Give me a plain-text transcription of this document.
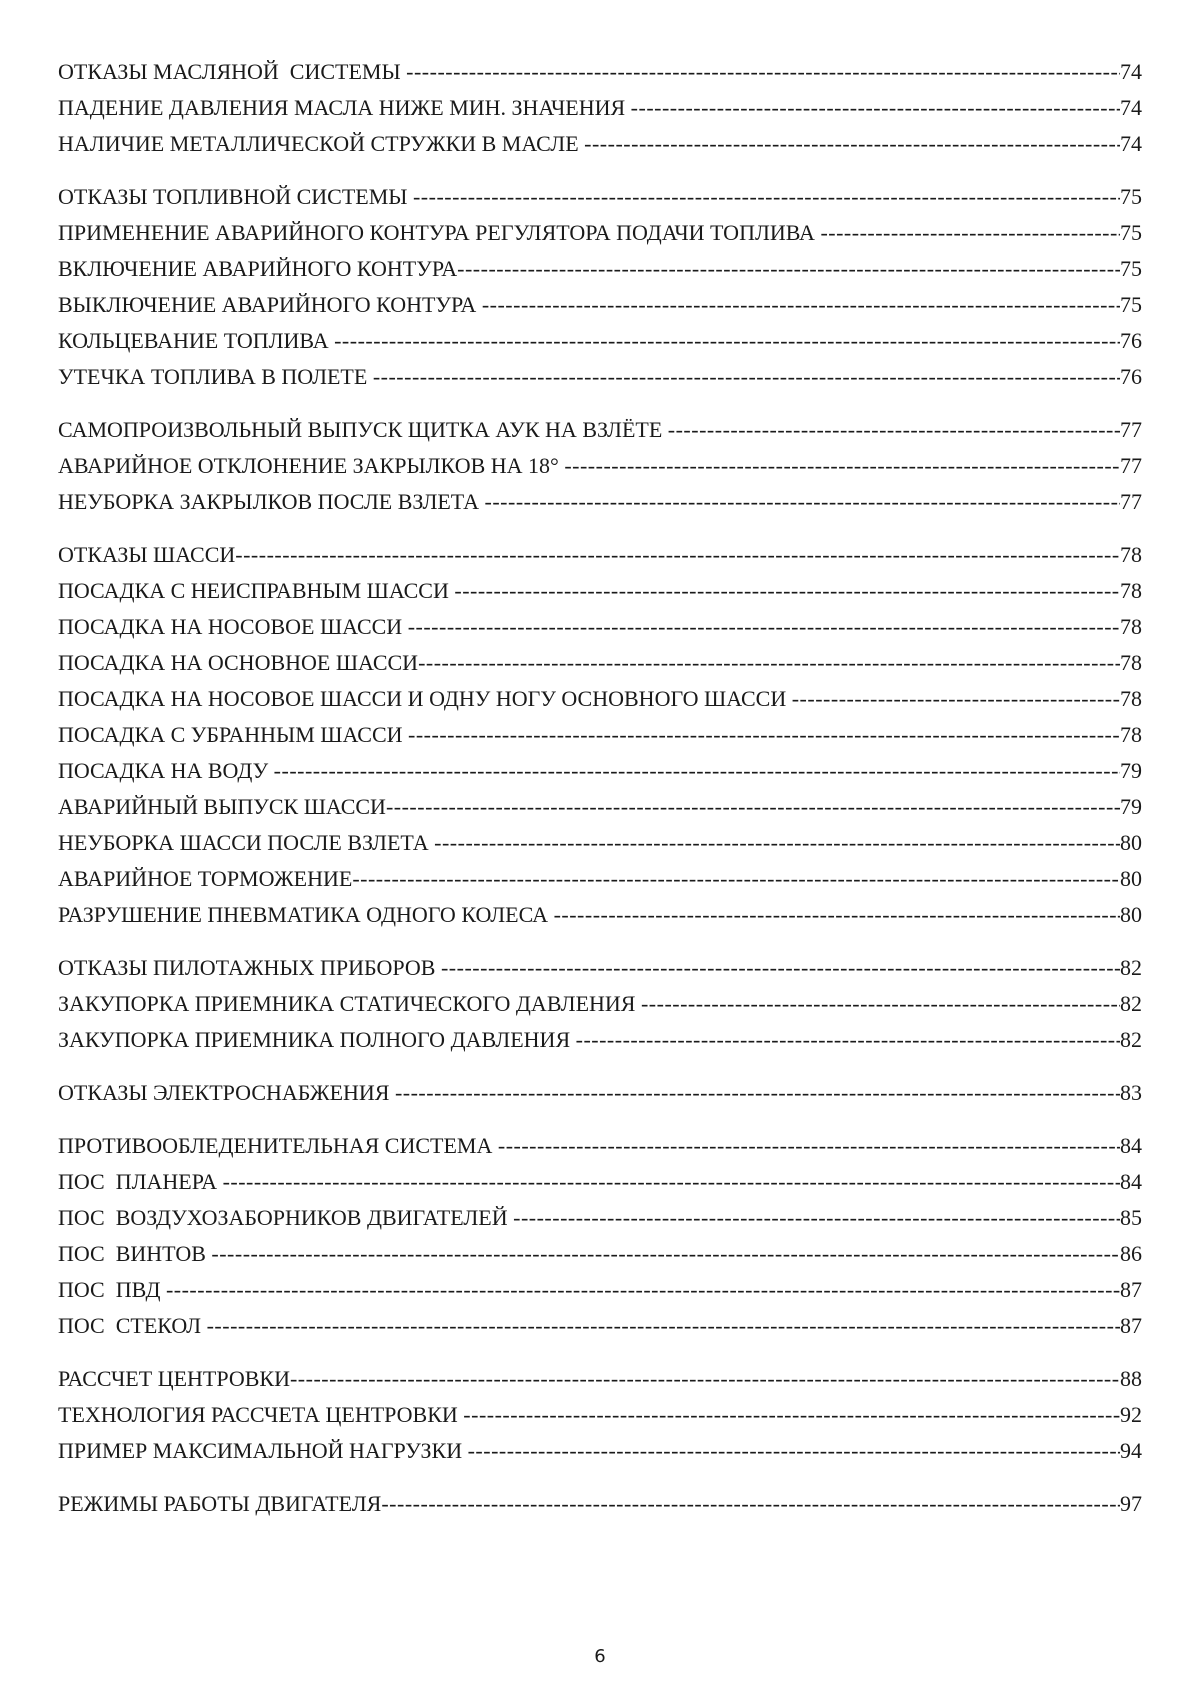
ОТКАЗЫ МАСЛЯНОЙ  СИСТЕМЫ -----	74
ПАДЕНИЕ ДАВЛЕНИЯ МАСЛА НИЖЕ МИН. ЗНАЧЕНИЯ -----	74
НАЛИЧИЕ МЕТАЛЛИЧЕСКОЙ СТРУЖКИ В МАСЛЕ -----	74
ОТКАЗЫ ТОПЛИВНОЙ СИСТЕМЫ -----	75
ПРИМЕНЕНИЕ АВАРИЙНОГО КОНТУРА РЕГУЛЯТОРА ПОДАЧИ ТОПЛИВА -----	75
ВКЛЮЧЕНИЕ АВАРИЙНОГО КОНТУРА -----	75
ВЫКЛЮЧЕНИЕ АВАРИЙНОГО КОНТУРА -----	75
КОЛЬЦЕВАНИЕ ТОПЛИВА -----	76
УТЕЧКА ТОПЛИВА В ПОЛЕТЕ -----	76
САМОПРОИЗВОЛЬНЫЙ ВЫПУСК ЩИТКА АУК НА ВЗЛЁТЕ -----	77
АВАРИЙНОЕ ОТКЛОНЕНИЕ ЗАКРЫЛКОВ НА 18° -----	77
НЕУБОРКА ЗАКРЫЛКОВ ПОСЛЕ ВЗЛЕТА -----	77
ОТКАЗЫ ШАССИ -----	78
ПОСАДКА С НЕИСПРАВНЫМ ШАССИ -----	78
ПОСАДКА НА НОСОВОЕ ШАССИ -----	78
ПОСАДКА НА ОСНОВНОЕ ШАССИ -----	78
ПОСАДКА НА НОСОВОЕ ШАССИ И ОДНУ НОГУ ОСНОВНОГО ШАССИ -----	78
ПОСАДКА С УБРАННЫМ ШАССИ -----	78
ПОСАДКА НА ВОДУ -----	79
АВАРИЙНЫЙ ВЫПУСК ШАССИ -----	79
НЕУБОРКА ШАССИ ПОСЛЕ ВЗЛЕТА -----	80
АВАРИЙНОЕ ТОРМОЖЕНИЕ -----	80
РАЗРУШЕНИЕ ПНЕВМАТИКА ОДНОГО КОЛЕСА -----	80
ОТКАЗЫ ПИЛОТАЖНЫХ ПРИБОРОВ -----	82
ЗАКУПОРКА ПРИЕМНИКА СТАТИЧЕСКОГО ДАВЛЕНИЯ -----	82
ЗАКУПОРКА ПРИЕМНИКА ПОЛНОГО ДАВЛЕНИЯ -----	82
ОТКАЗЫ ЭЛЕКТРОСНАБЖЕНИЯ -----	83
ПРОТИВООБЛЕДЕНИТЕЛЬНАЯ СИСТЕМА -----	84
ПОС  ПЛАНЕРА -----	84
ПОС  ВОЗДУХОЗАБОРНИКОВ ДВИГАТЕЛЕЙ -----	85
ПОС  ВИНТОВ -----	86
ПОС  ПВД -----	87
ПОС  СТЕКОЛ -----	87
РАССЧЕТ ЦЕНТРОВКИ -----	88
ТЕХНОЛОГИЯ РАССЧЕТА ЦЕНТРОВКИ -----	92
ПРИМЕР МАКСИМАЛЬНОЙ НАГРУЗКИ -----	94
РЕЖИМЫ РАБОТЫ ДВИГАТЕЛЯ -----	97
6
